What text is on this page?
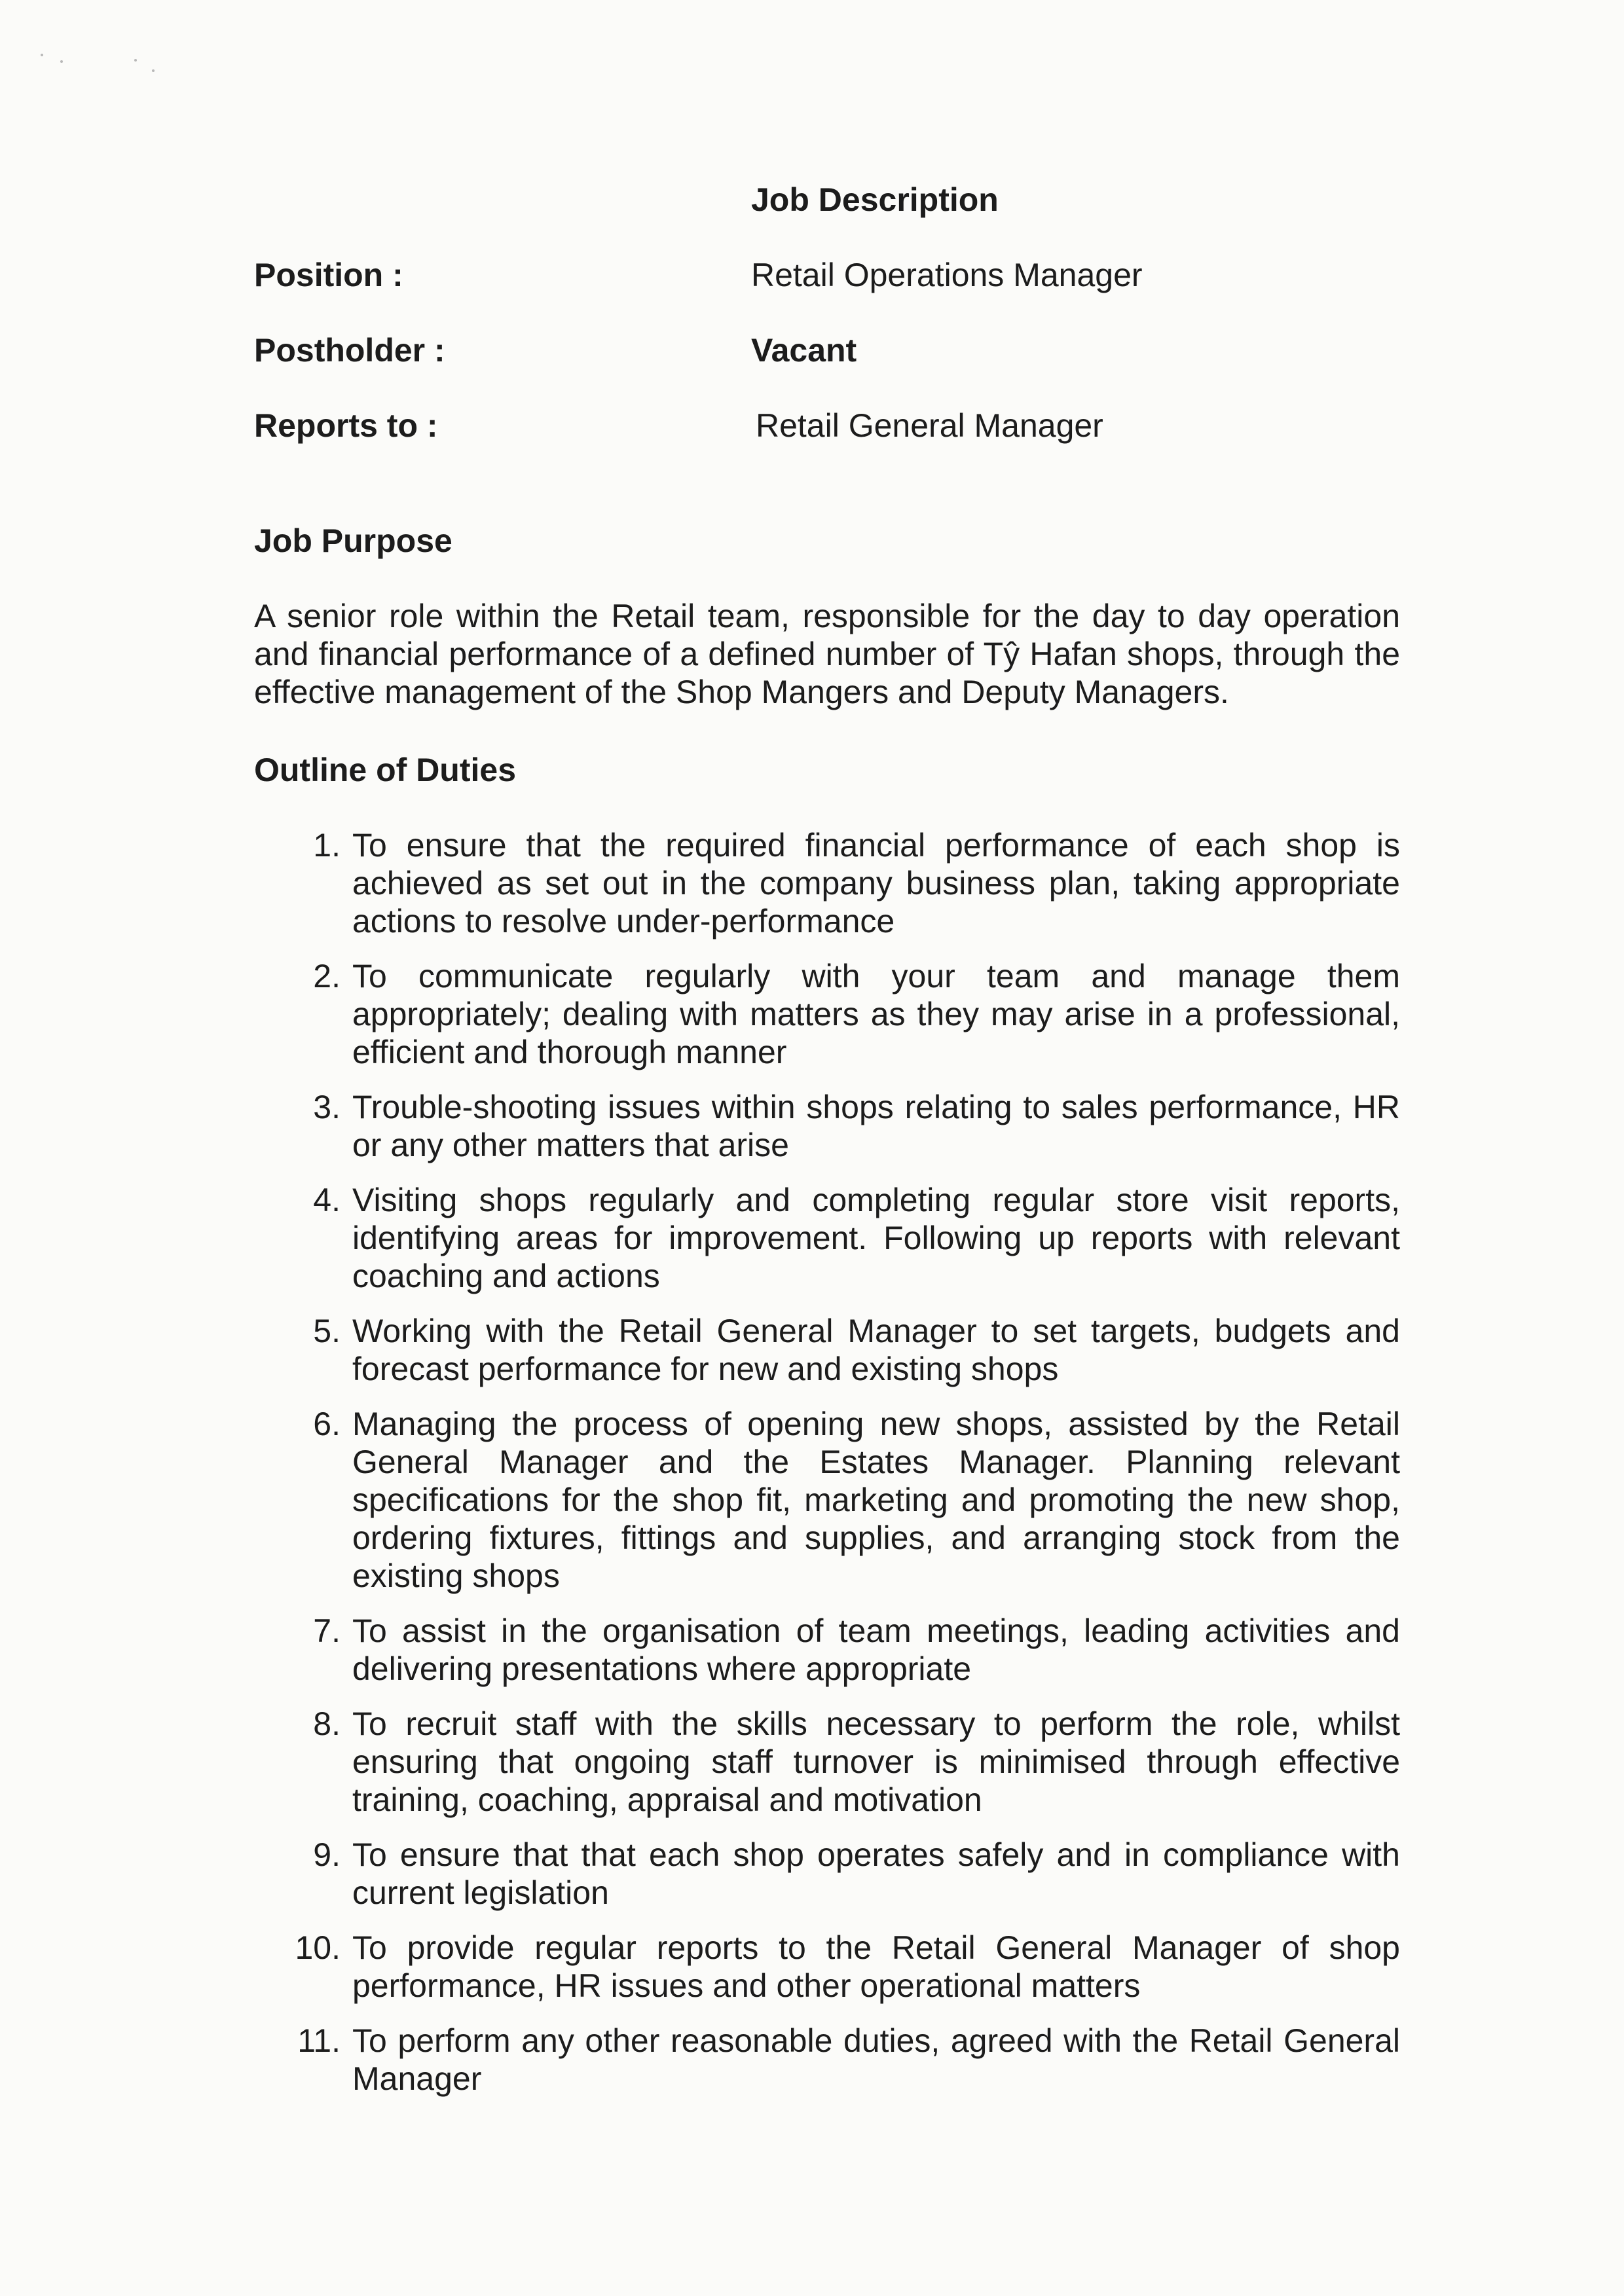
Job Description
Position :	Retail Operations Manager
Postholder :	Vacant
Reports to :	Retail General Manager
Job Purpose
A senior role within the Retail team, responsible for the day to day operation and financial performance of a defined number of Tŷ Hafan shops, through the effective management of the Shop Mangers and Deputy Managers.
Outline of Duties
1. To ensure that the required financial performance of each shop is achieved as set out in the company business plan, taking appropriate actions to resolve under-performance
2. To communicate regularly with your team and manage them appropriately; dealing with matters as they may arise in a professional, efficient and thorough manner
3. Trouble-shooting issues within shops relating to sales performance, HR or any other matters that arise
4. Visiting shops regularly and completing regular store visit reports, identifying areas for improvement. Following up reports with relevant coaching and actions
5. Working with the Retail General Manager to set targets, budgets and forecast performance for new and existing shops
6. Managing the process of opening new shops, assisted by the Retail General Manager and the Estates Manager. Planning relevant specifications for the shop fit, marketing and promoting the new shop, ordering fixtures, fittings and supplies, and arranging stock from the existing shops
7. To assist in the organisation of team meetings, leading activities and delivering presentations where appropriate
8. To recruit staff with the skills necessary to perform the role, whilst ensuring that ongoing staff turnover is minimised through effective training, coaching, appraisal and motivation
9. To ensure that that each shop operates safely and in compliance with current legislation
10. To provide regular reports to the Retail General Manager of shop performance, HR issues and other operational matters
11. To perform any other reasonable duties, agreed with the Retail General Manager
